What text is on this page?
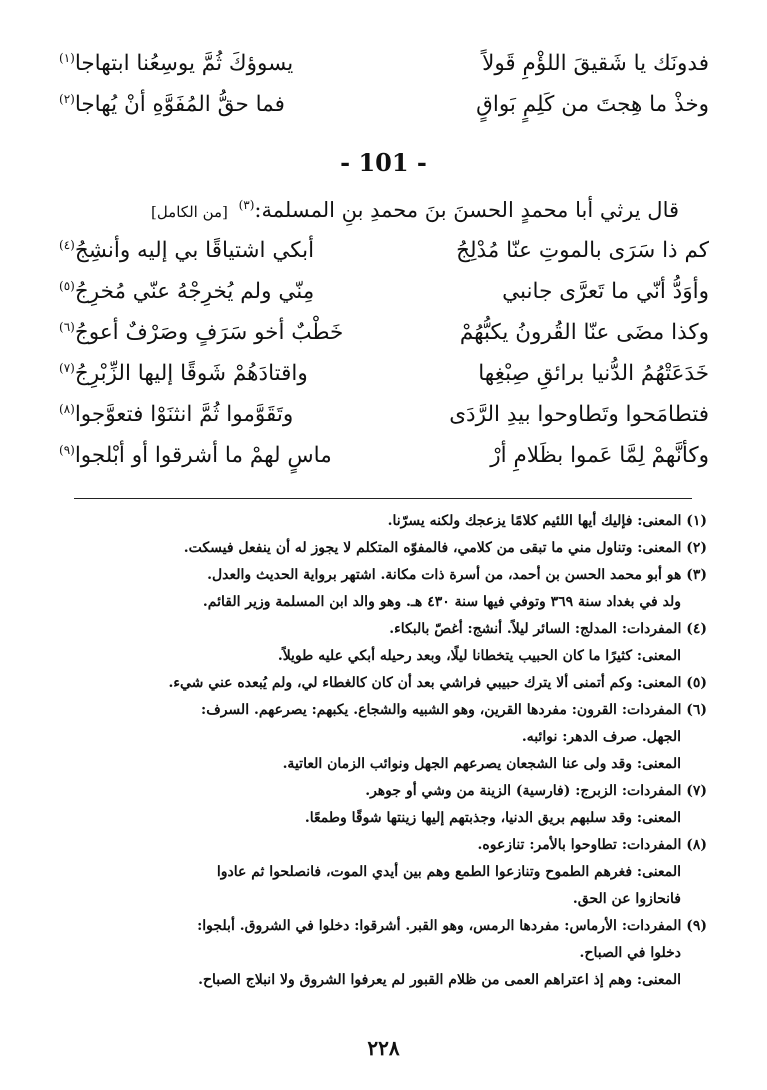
فدونَك يا شَقيقَ اللؤْمِ قَولاً
يسوؤكَ ثُمَّ يوسِعُنا ابتهاجا$^{(١)}$
وخذْ ما هِجتَ من كَلِمٍ بَواقٍ
فما حقُّ المُفَوَّهِ أنْ يُهاجا$^{(٢)}$
- 101 -
قال يرثي أبا محمدٍ الحسنَ بنَ محمدِ بنِ المسلمة:$^{(٣)}$ [من الكامل]
كم ذا سَرَى بالموتِ عنّا مُدْلِجُ
أبكي اشتياقًا بي إليه وأنشِجُ$^{(٤)}$
وأوَدُّ أنّي ما تَعرَّى جانبي
مِنّي ولم يُخرِجْهُ عنّي مُخرِجُ$^{(٥)}$
وكذا مضَى عنّا القُرونُ يكبُّهُمْ
خَطْبٌ أخو سَرَفٍ وصَرْفٌ أعوجُ$^{(٦)}$
خَدَعَتْهُمُ الدُّنيا برائقِ صِبْغِها
واقتادَهُمْ شَوقًا إليها الزِّبْرِجُ$^{(٧)}$
فتطامَحوا وتَطاوحوا بيدِ الرَّدَى
وتَقَوَّموا ثُمَّ انثنَوْا فتعوَّجوا$^{(٨)}$
وكأنَّهمْ لِمَّا عَموا بظَلامِ أرْ
ماسٍ لهمْ ما أشرقوا أو أبْلجوا$^{(٩)}$
(١) المعنى: فإليك أيها اللئيم كلامًا يزعجك ولكنه يسرّنا.
(٢) المعنى: وتناول مني ما تبقى من كلامي، فالمفوّه المتكلم لا يجوز له أن ينفعل فيسكت.
(٣) هو أبو محمد الحسن بن أحمد، من أسرة ذات مكانة. اشتهر برواية الحديث والعدل.
ولد في بغداد سنة ٣٦٩ وتوفي فيها سنة ٤٣٠ هـ. وهو والد ابن المسلمة وزير القائم.
(٤) المفردات: المدلج: السائر ليلاً. أنشج: أغصّ بالبكاء.
المعنى: كثيرًا ما كان الحبيب يتخطانا ليلًا، وبعد رحيله أبكي عليه طويلاً.
(٥) المعنى: وكم أتمنى ألا يترك حبيبي فراشي بعد أن كان كالغطاء لي، ولم يُبعده عني شيء.
(٦) المفردات: القرون: مفردها القرين، وهو الشبيه والشجاع. يكبهم: يصرعهم. السرف:
الجهل. صرف الدهر: نوائبه.
المعنى: وقد ولى عنا الشجعان يصرعهم الجهل ونوائب الزمان العاتية.
(٧) المفردات: الزبرج: (فارسية) الزينة من وشي أو جوهر.
المعنى: وقد سلبهم بريق الدنيا، وجذبتهم إليها زينتها شوقًا وطمعًا.
(٨) المفردات: تطاوحوا بالأمر: تنازعوه.
المعنى: فغرهم الطموح وتنازعوا الطمع وهم بين أيدي الموت، فانصلحوا ثم عادوا
فانحازوا عن الحق.
(٩) المفردات: الأرماس: مفردها الرمس، وهو القبر. أشرقوا: دخلوا في الشروق. أبلجوا:
دخلوا في الصباح.
المعنى: وهم إذ اعتراهم العمى من ظلام القبور لم يعرفوا الشروق ولا انبلاج الصباح.
٢٢٨
